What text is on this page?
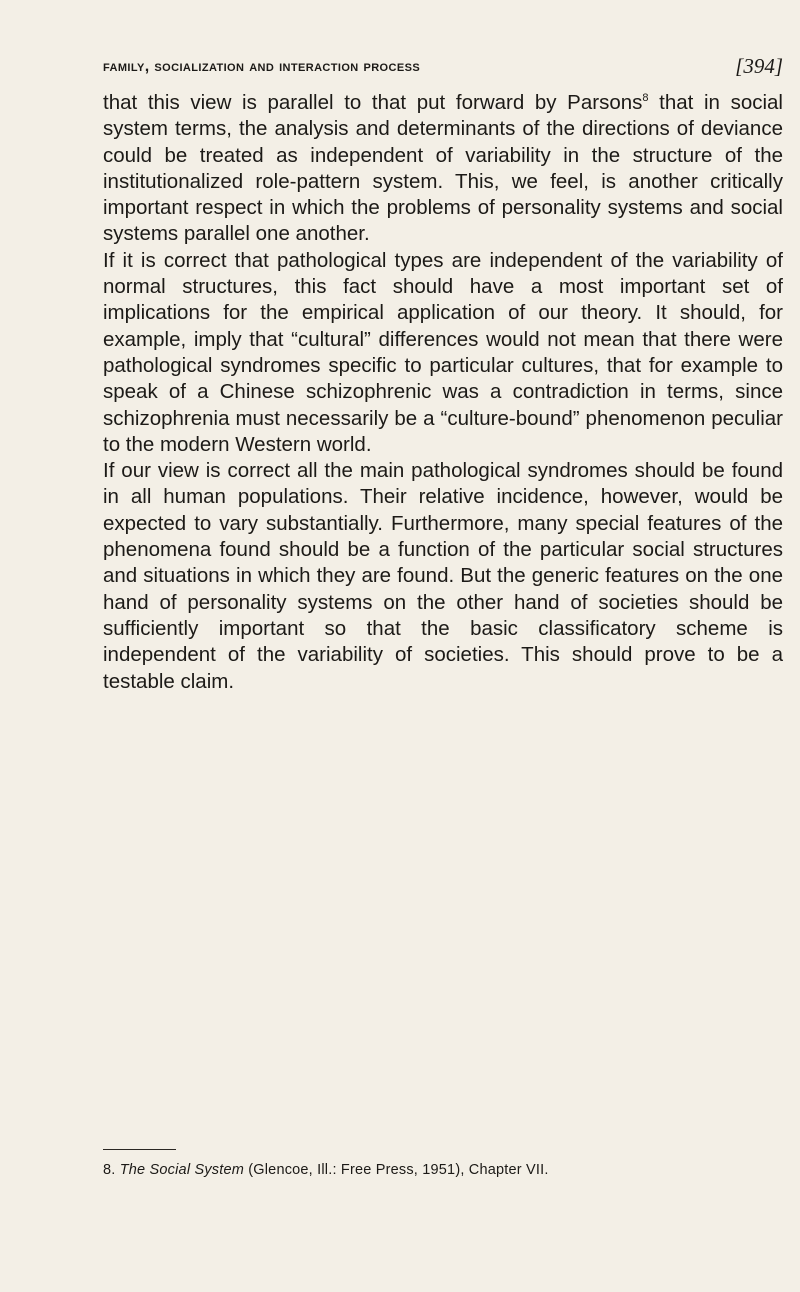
family, socialization and interaction process	[394]

that this view is parallel to that put forward by Parsons$^8$ that in social system terms, the analysis and determinants of the directions of deviance could be treated as independent of variability in the structure of the institutionalized role-pattern system. This, we feel, is another critically important respect in which the problems of personality systems and social systems parallel one another.

If it is correct that pathological types are independent of the variability of normal structures, this fact should have a most important set of implications for the empirical application of our theory. It should, for example, imply that “cultural” differences would not mean that there were pathological syndromes specific to particular cultures, that for example to speak of a Chinese schizophrenic was a contradiction in terms, since schizophrenia must necessarily be a “culture-bound” phenomenon peculiar to the modern Western world.

If our view is correct all the main pathological syndromes should be found in all human populations. Their relative incidence, however, would be expected to vary substantially. Furthermore, many special features of the phenomena found should be a function of the particular social structures and situations in which they are found. But the generic features on the one hand of personality systems on the other hand of societies should be sufficiently important so that the basic classificatory scheme is independent of the variability of societies. This should prove to be a testable claim.

8. The Social System (Glencoe, Ill.: Free Press, 1951), Chapter VII.
